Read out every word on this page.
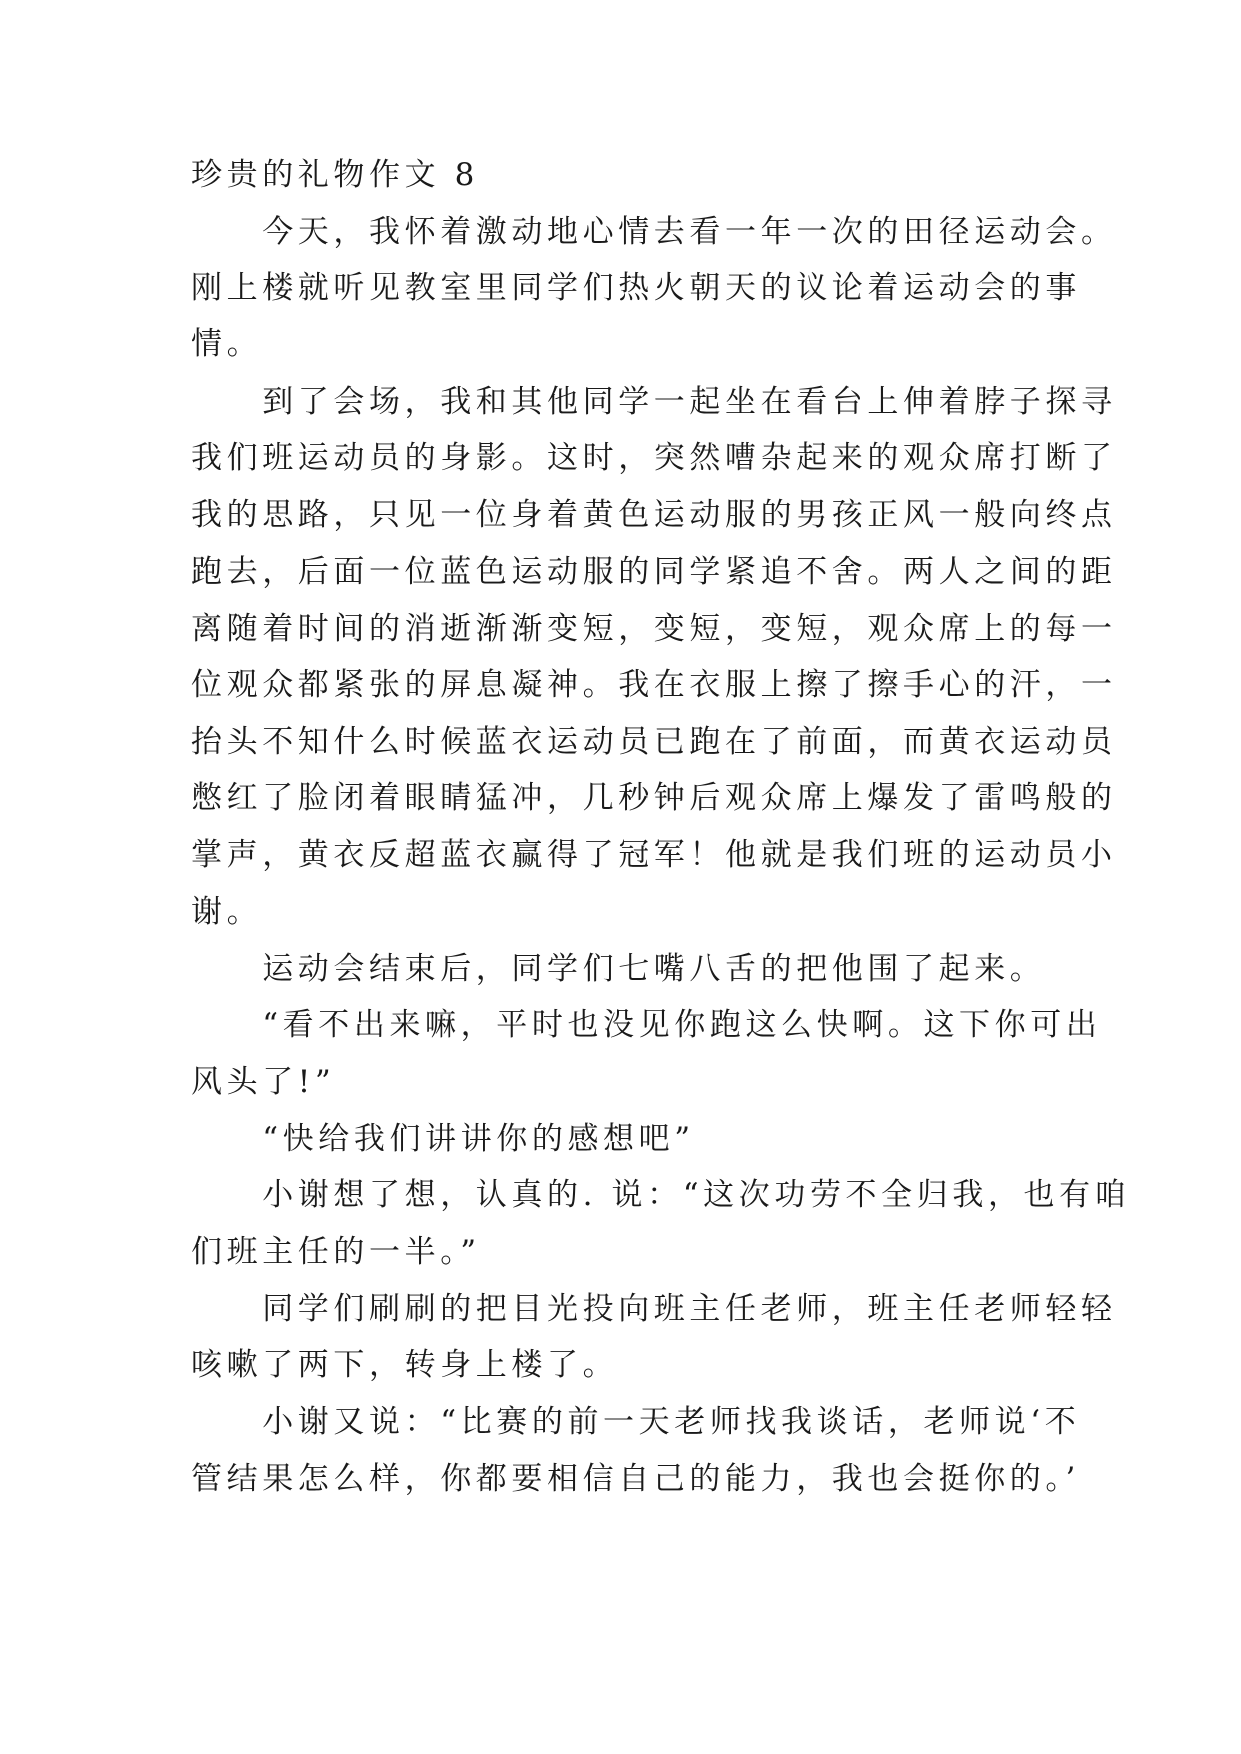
珍贵的礼物作文 8
　　今天，我怀着激动地心情去看一年一次的田径运动会。
刚上楼就听见教室里同学们热火朝天的议论着运动会的事
情。
　　到了会场，我和其他同学一起坐在看台上伸着脖子探寻
我们班运动员的身影。这时，突然嘈杂起来的观众席打断了
我的思路，只见一位身着黄色运动服的男孩正风一般向终点
跑去，后面一位蓝色运动服的同学紧追不舍。两人之间的距
离随着时间的消逝渐渐变短，变短，变短，观众席上的每一
位观众都紧张的屏息凝神。我在衣服上擦了擦手心的汗，一
抬头不知什么时候蓝衣运动员已跑在了前面，而黄衣运动员
憋红了脸闭着眼睛猛冲，几秒钟后观众席上爆发了雷鸣般的
掌声，黄衣反超蓝衣赢得了冠军！他就是我们班的运动员小
谢。
　　运动会结束后，同学们七嘴八舌的把他围了起来。
　　“看不出来嘛，平时也没见你跑这么快啊。这下你可出
风头了!”
　　“快给我们讲讲你的感想吧”
　　小谢想了想，认真的. 说：“这次功劳不全归我，也有咱
们班主任的一半。”
　　同学们刷刷的把目光投向班主任老师，班主任老师轻轻
咳嗽了两下，转身上楼了。
　　小谢又说：“比赛的前一天老师找我谈话，老师说‘不
管结果怎么样，你都要相信自己的能力，我也会挺你的。’
